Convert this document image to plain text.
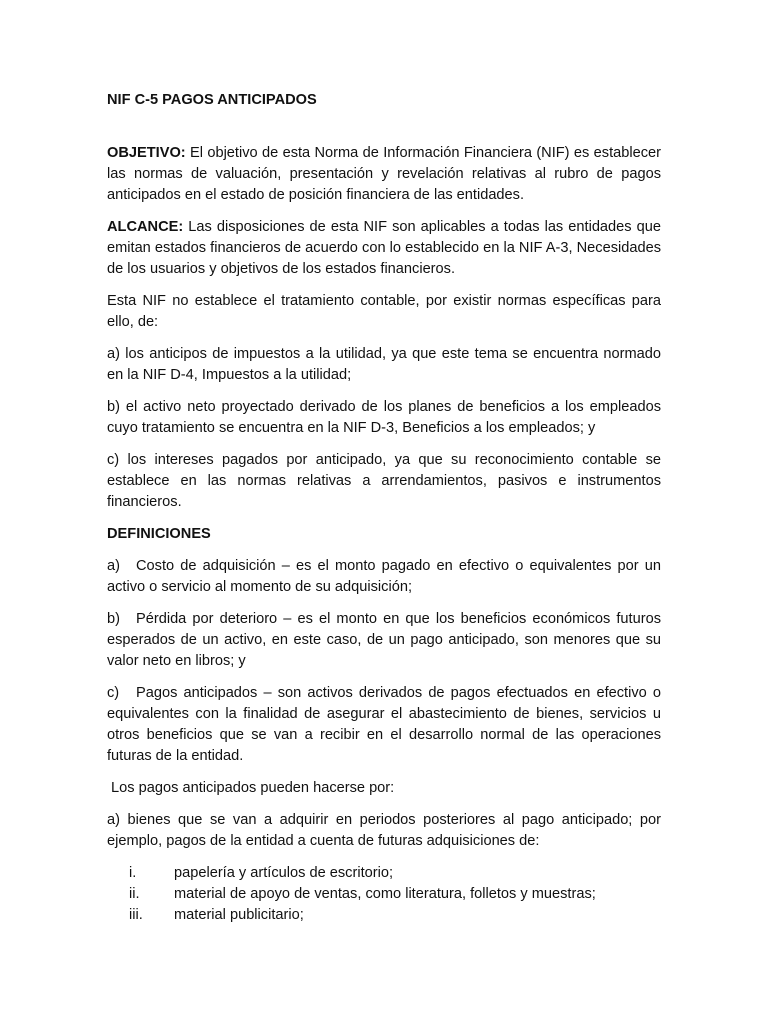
NIF C-5 PAGOS ANTICIPADOS

OBJETIVO: El objetivo de esta Norma de Información Financiera (NIF) es establecer las normas de valuación, presentación y revelación relativas al rubro de pagos anticipados en el estado de posición financiera de las entidades.

ALCANCE: Las disposiciones de esta NIF son aplicables a todas las entidades que emitan estados financieros de acuerdo con lo establecido en la NIF A-3, Necesidades de los usuarios y objetivos de los estados financieros.

Esta NIF no establece el tratamiento contable, por existir normas específicas para ello, de:

a) los anticipos de impuestos a la utilidad, ya que este tema se encuentra normado en la NIF D-4, Impuestos a la utilidad;

b) el activo neto proyectado derivado de los planes de beneficios a los empleados cuyo tratamiento se encuentra en la NIF D-3, Beneficios a los empleados; y

c) los intereses pagados por anticipado, ya que su reconocimiento contable se establece en las normas relativas a arrendamientos, pasivos e instrumentos financieros.

DEFINICIONES

a) Costo de adquisición – es el monto pagado en efectivo o equivalentes por un activo o servicio al momento de su adquisición;

b) Pérdida por deterioro – es el monto en que los beneficios económicos futuros esperados de un activo, en este caso, de un pago anticipado, son menores que su valor neto en libros; y

c) Pagos anticipados – son activos derivados de pagos efectuados en efectivo o equivalentes con la finalidad de asegurar el abastecimiento de bienes, servicios u otros beneficios que se van a recibir en el desarrollo normal de las operaciones futuras de la entidad.

Los pagos anticipados pueden hacerse por:

a) bienes que se van a adquirir en periodos posteriores al pago anticipado; por ejemplo, pagos de la entidad a cuenta de futuras adquisiciones de:

i.	papelería y artículos de escritorio;
ii.	material de apoyo de ventas, como literatura, folletos y muestras;
iii.	material publicitario;
